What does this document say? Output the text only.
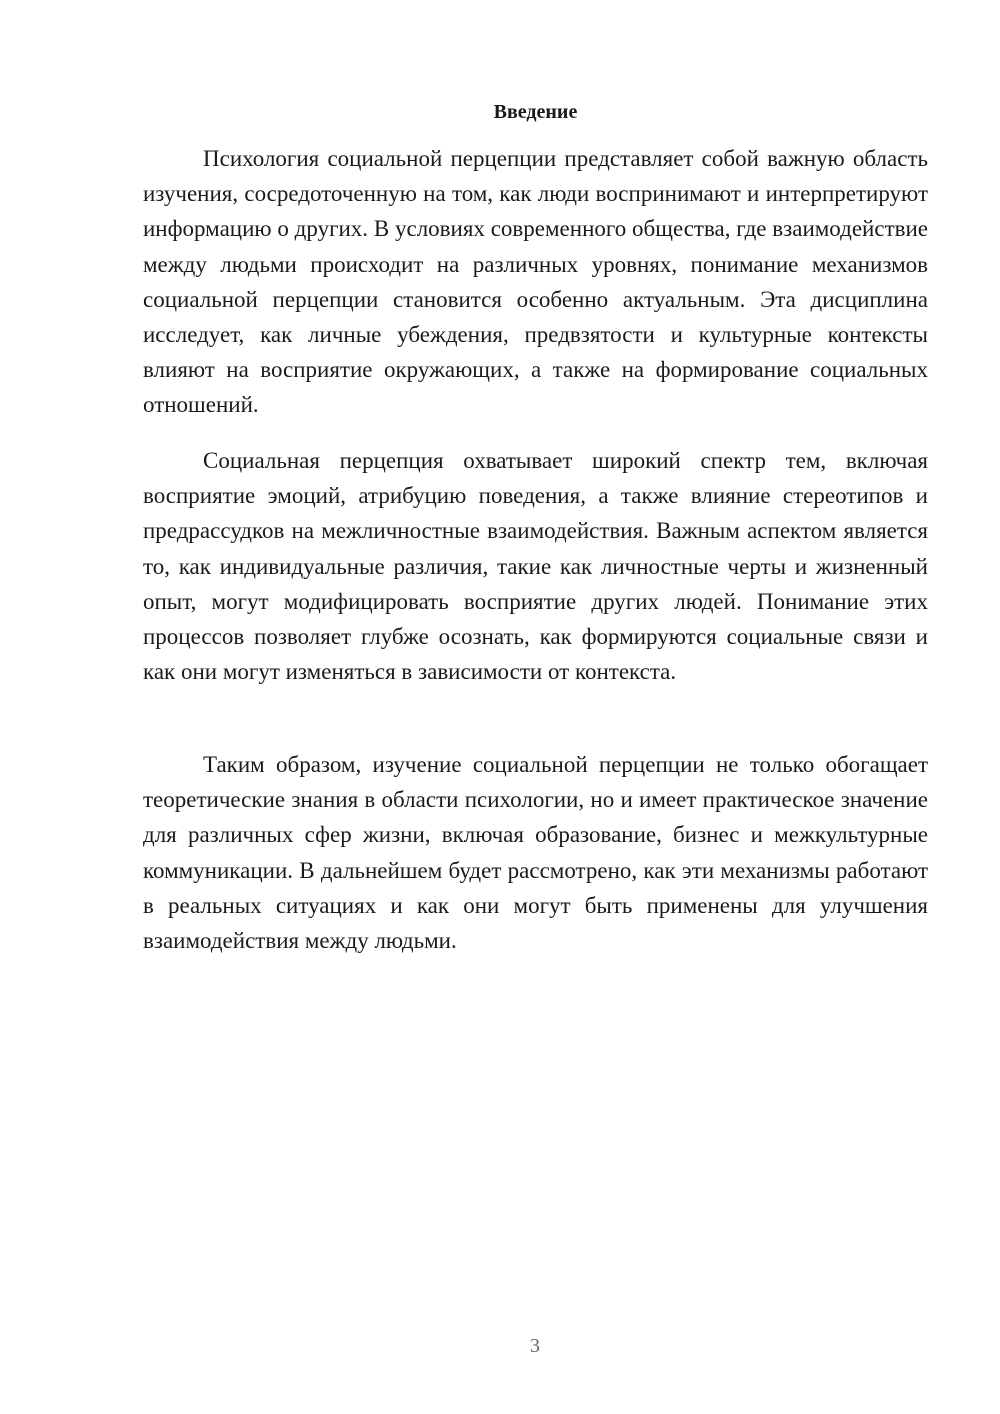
Введение

Психология социальной перцепции представляет собой важную область изучения, сосредоточенную на том, как люди воспринимают и интерпретируют информацию о других. В условиях современного общества, где взаимодействие между людьми происходит на различных уровнях, понимание механизмов социальной перцепции становится особенно актуальным. Эта дисциплина исследует, как личные убеждения, предвзятости и культурные контексты влияют на восприятие окружающих, а также на формирование социальных отношений.

Социальная перцепция охватывает широкий спектр тем, включая восприятие эмоций, атрибуцию поведения, а также влияние стереотипов и предрассудков на межличностные взаимодействия. Важным аспектом является то, как индивидуальные различия, такие как личностные черты и жизненный опыт, могут модифицировать восприятие других людей. Понимание этих процессов позволяет глубже осознать, как формируются социальные связи и как они могут изменяться в зависимости от контекста.

Таким образом, изучение социальной перцепции не только обогащает теоретические знания в области психологии, но и имеет практическое значение для различных сфер жизни, включая образование, бизнес и межкультурные коммуникации. В дальнейшем будет рассмотрено, как эти механизмы работают в реальных ситуациях и как они могут быть применены для улучшения взаимодействия между людьми.

3
